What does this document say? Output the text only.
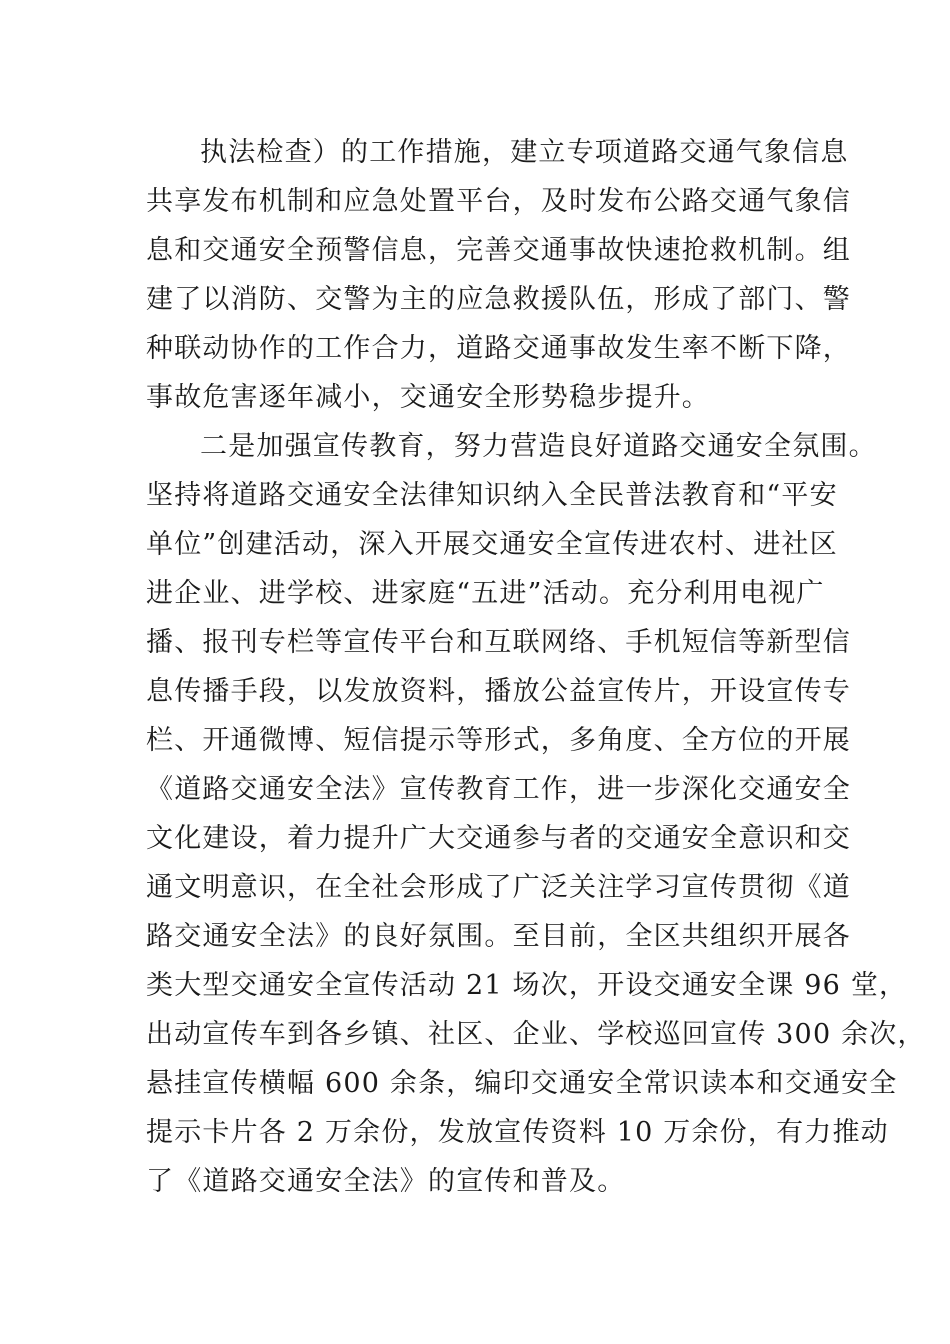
执法检查）的工作措施，建立专项道路交通气象信息
共享发布机制和应急处置平台，及时发布公路交通气象信
息和交通安全预警信息，完善交通事故快速抢救机制。组
建了以消防、交警为主的应急救援队伍，形成了部门、警
种联动协作的工作合力，道路交通事故发生率不断下降，
事故危害逐年减小，交通安全形势稳步提升。
二是加强宣传教育，努力营造良好道路交通安全氛围。
坚持将道路交通安全法律知识纳入全民普法教育和“平安
单位”创建活动，深入开展交通安全宣传进农村、进社区
进企业、进学校、进家庭“五进”活动。充分利用电视广
播、报刊专栏等宣传平台和互联网络、手机短信等新型信
息传播手段，以发放资料，播放公益宣传片，开设宣传专
栏、开通微博、短信提示等形式，多角度、全方位的开展
《道路交通安全法》宣传教育工作，进一步深化交通安全
文化建设，着力提升广大交通参与者的交通安全意识和交
通文明意识，在全社会形成了广泛关注学习宣传贯彻《道
路交通安全法》的良好氛围。至目前，全区共组织开展各
类大型交通安全宣传活动 21 场次，开设交通安全课 96 堂，
出动宣传车到各乡镇、社区、企业、学校巡回宣传 300 余次，
悬挂宣传横幅 600 余条，编印交通安全常识读本和交通安全
提示卡片各 2 万余份，发放宣传资料 10 万余份，有力推动
了《道路交通安全法》的宣传和普及。
